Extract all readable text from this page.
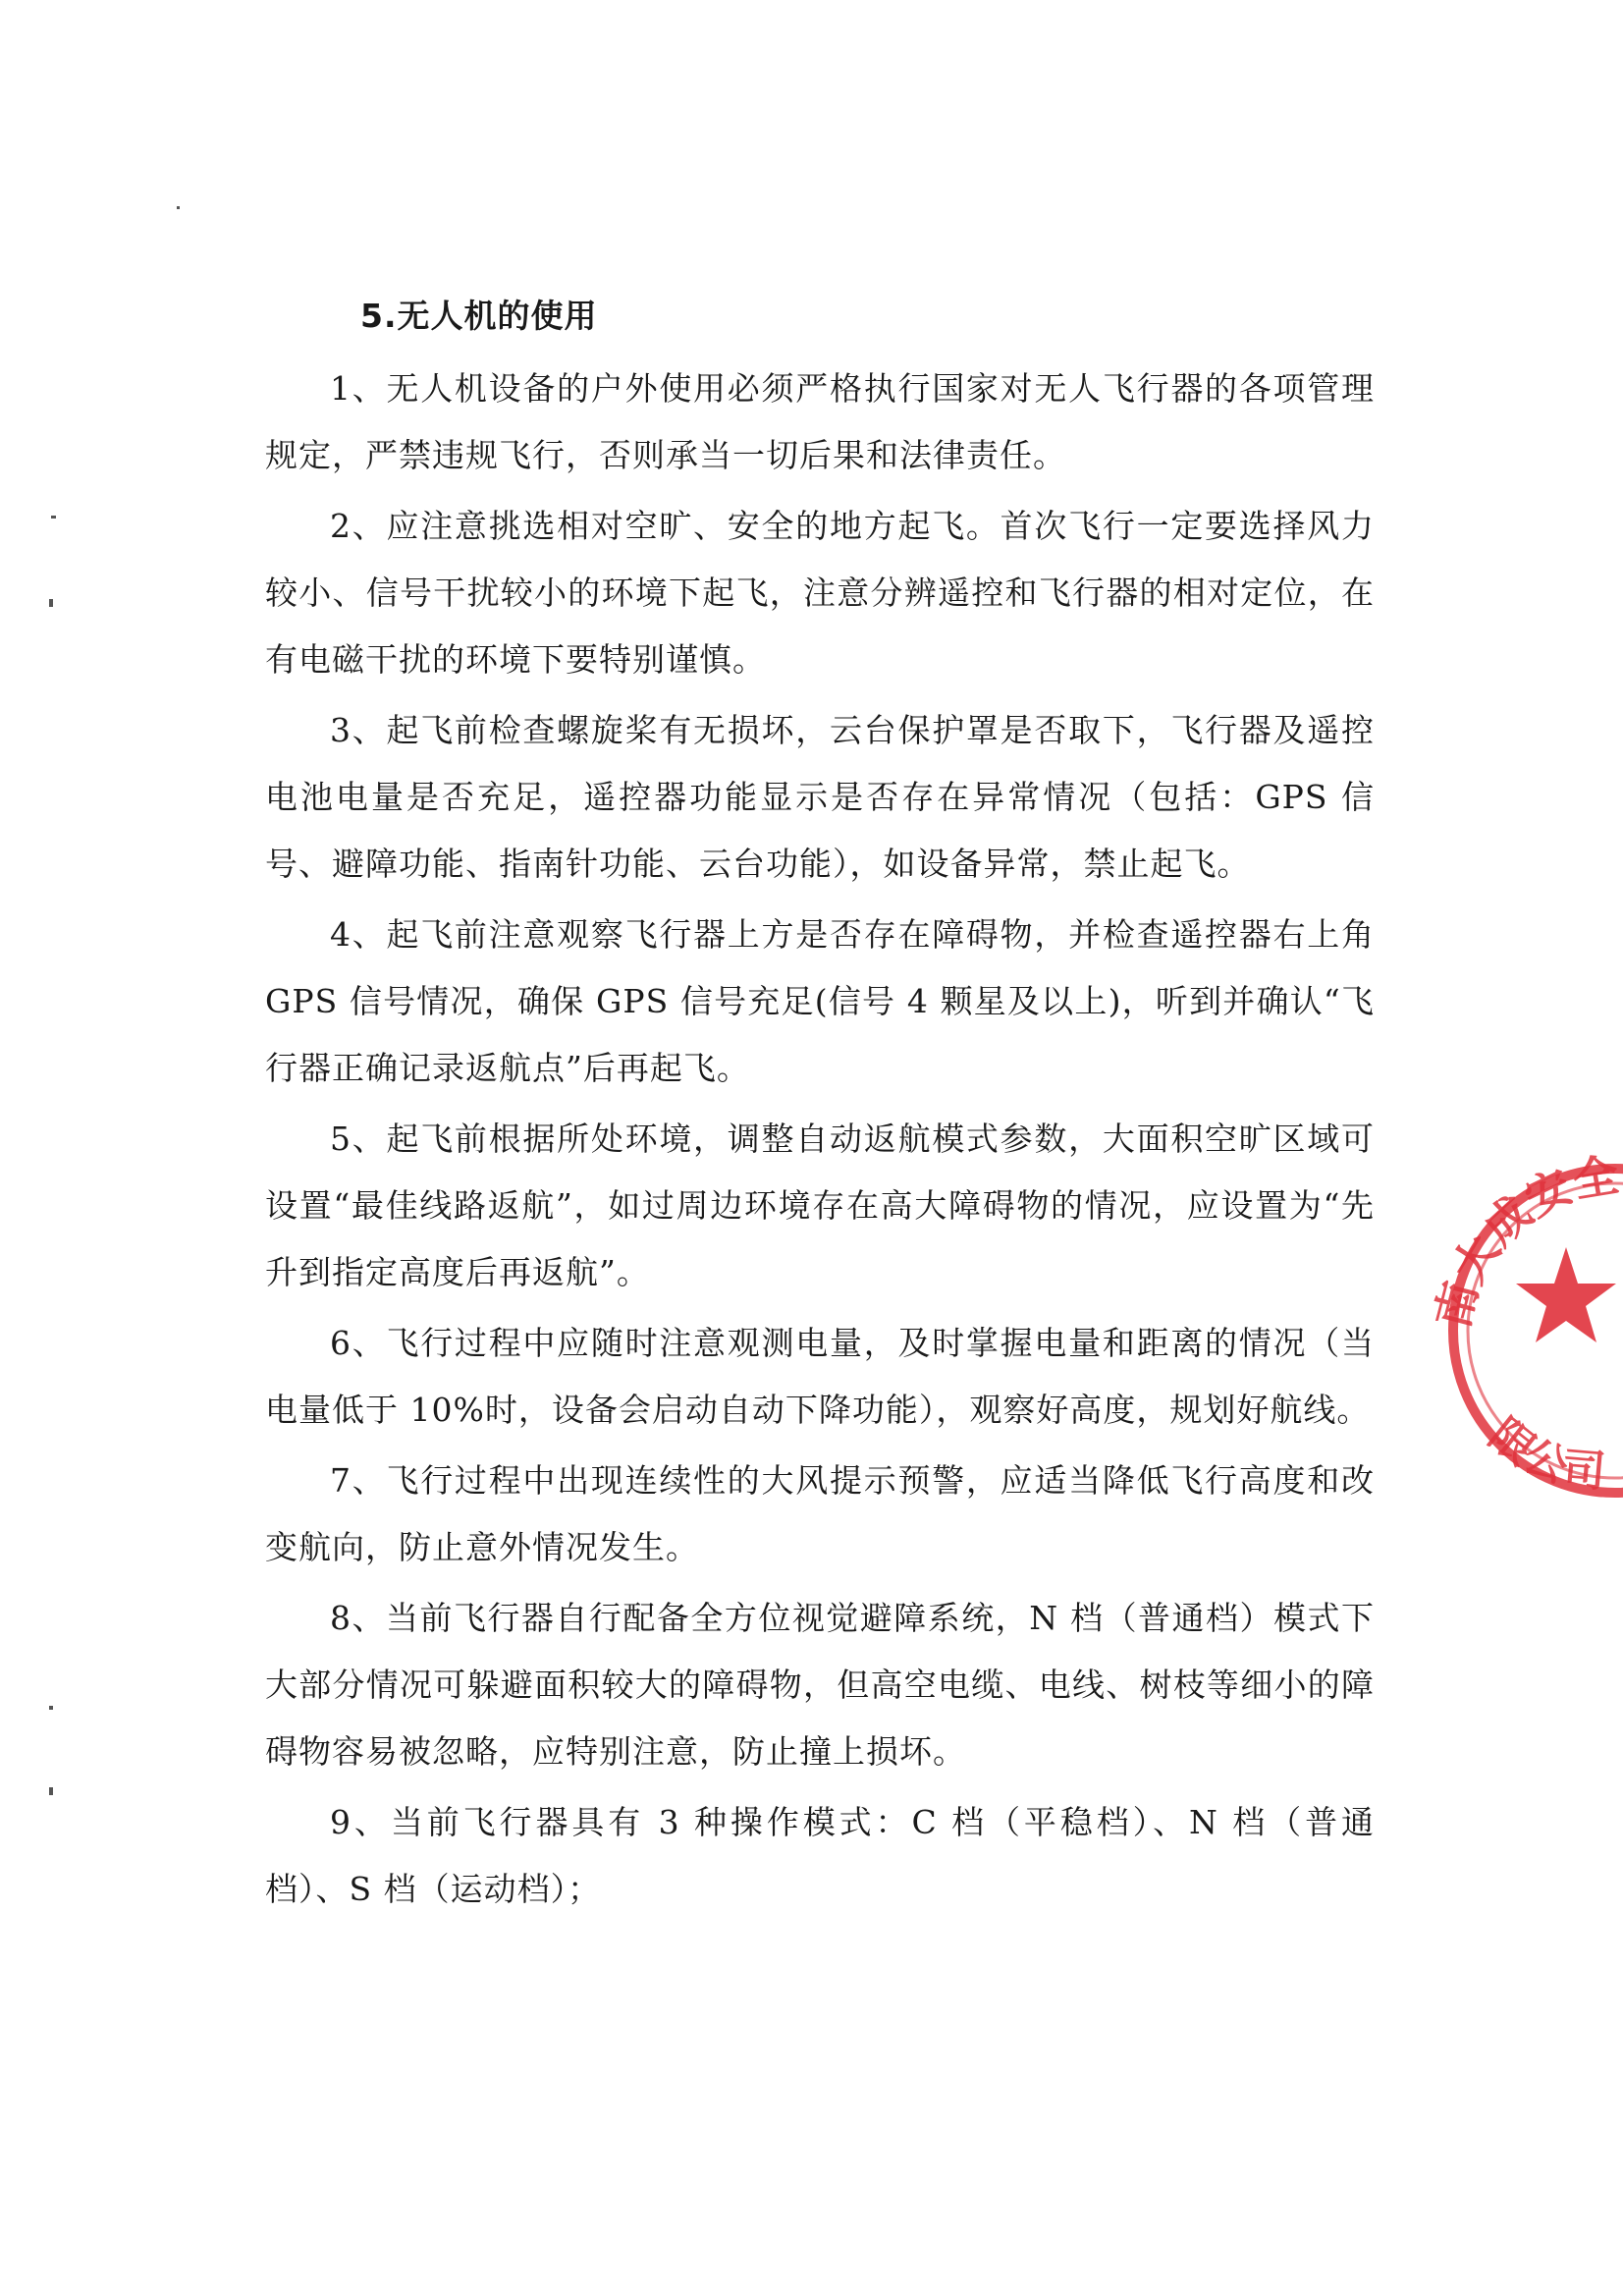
5.无人机的使用

1、无人机设备的户外使用必须严格执行国家对无人飞行器的各项管理规定，严禁违规飞行，否则承当一切后果和法律责任。

2、应注意挑选相对空旷、安全的地方起飞。首次飞行一定要选择风力较小、信号干扰较小的环境下起飞，注意分辨遥控和飞行器的相对定位，在有电磁干扰的环境下要特别谨慎。

3、起飞前检查螺旋桨有无损坏，云台保护罩是否取下，飞行器及遥控电池电量是否充足，遥控器功能显示是否存在异常情况（包括：GPS 信号、避障功能、指南针功能、云台功能），如设备异常，禁止起飞。

4、起飞前注意观察飞行器上方是否存在障碍物，并检查遥控器右上角 GPS 信号情况，确保 GPS 信号充足(信号 4 颗星及以上)，听到并确认“飞行器正确记录返航点”后再起飞。

5、起飞前根据所处环境，调整自动返航模式参数，大面积空旷区域可设置“最佳线路返航”，如过周边环境存在高大障碍物的情况，应设置为“先升到指定高度后再返航”。

6、飞行过程中应随时注意观测电量，及时掌握电量和距离的情况（当电量低于 10%时，设备会启动自动下降功能），观察好高度，规划好航线。

7、飞行过程中出现连续性的大风提示预警，应适当降低飞行高度和改变航向，防止意外情况发生。

8、当前飞行器自行配备全方位视觉避障系统，N 档（普通档）模式下大部分情况可躲避面积较大的障碍物，但高空电缆、电线、树枝等细小的障碍物容易被忽略，应特别注意，防止撞上损坏。

9、当前飞行器具有 3 种操作模式：C 档（平稳档）、N 档（普通档）、S 档（运动档）；

南大成安全
限公司
